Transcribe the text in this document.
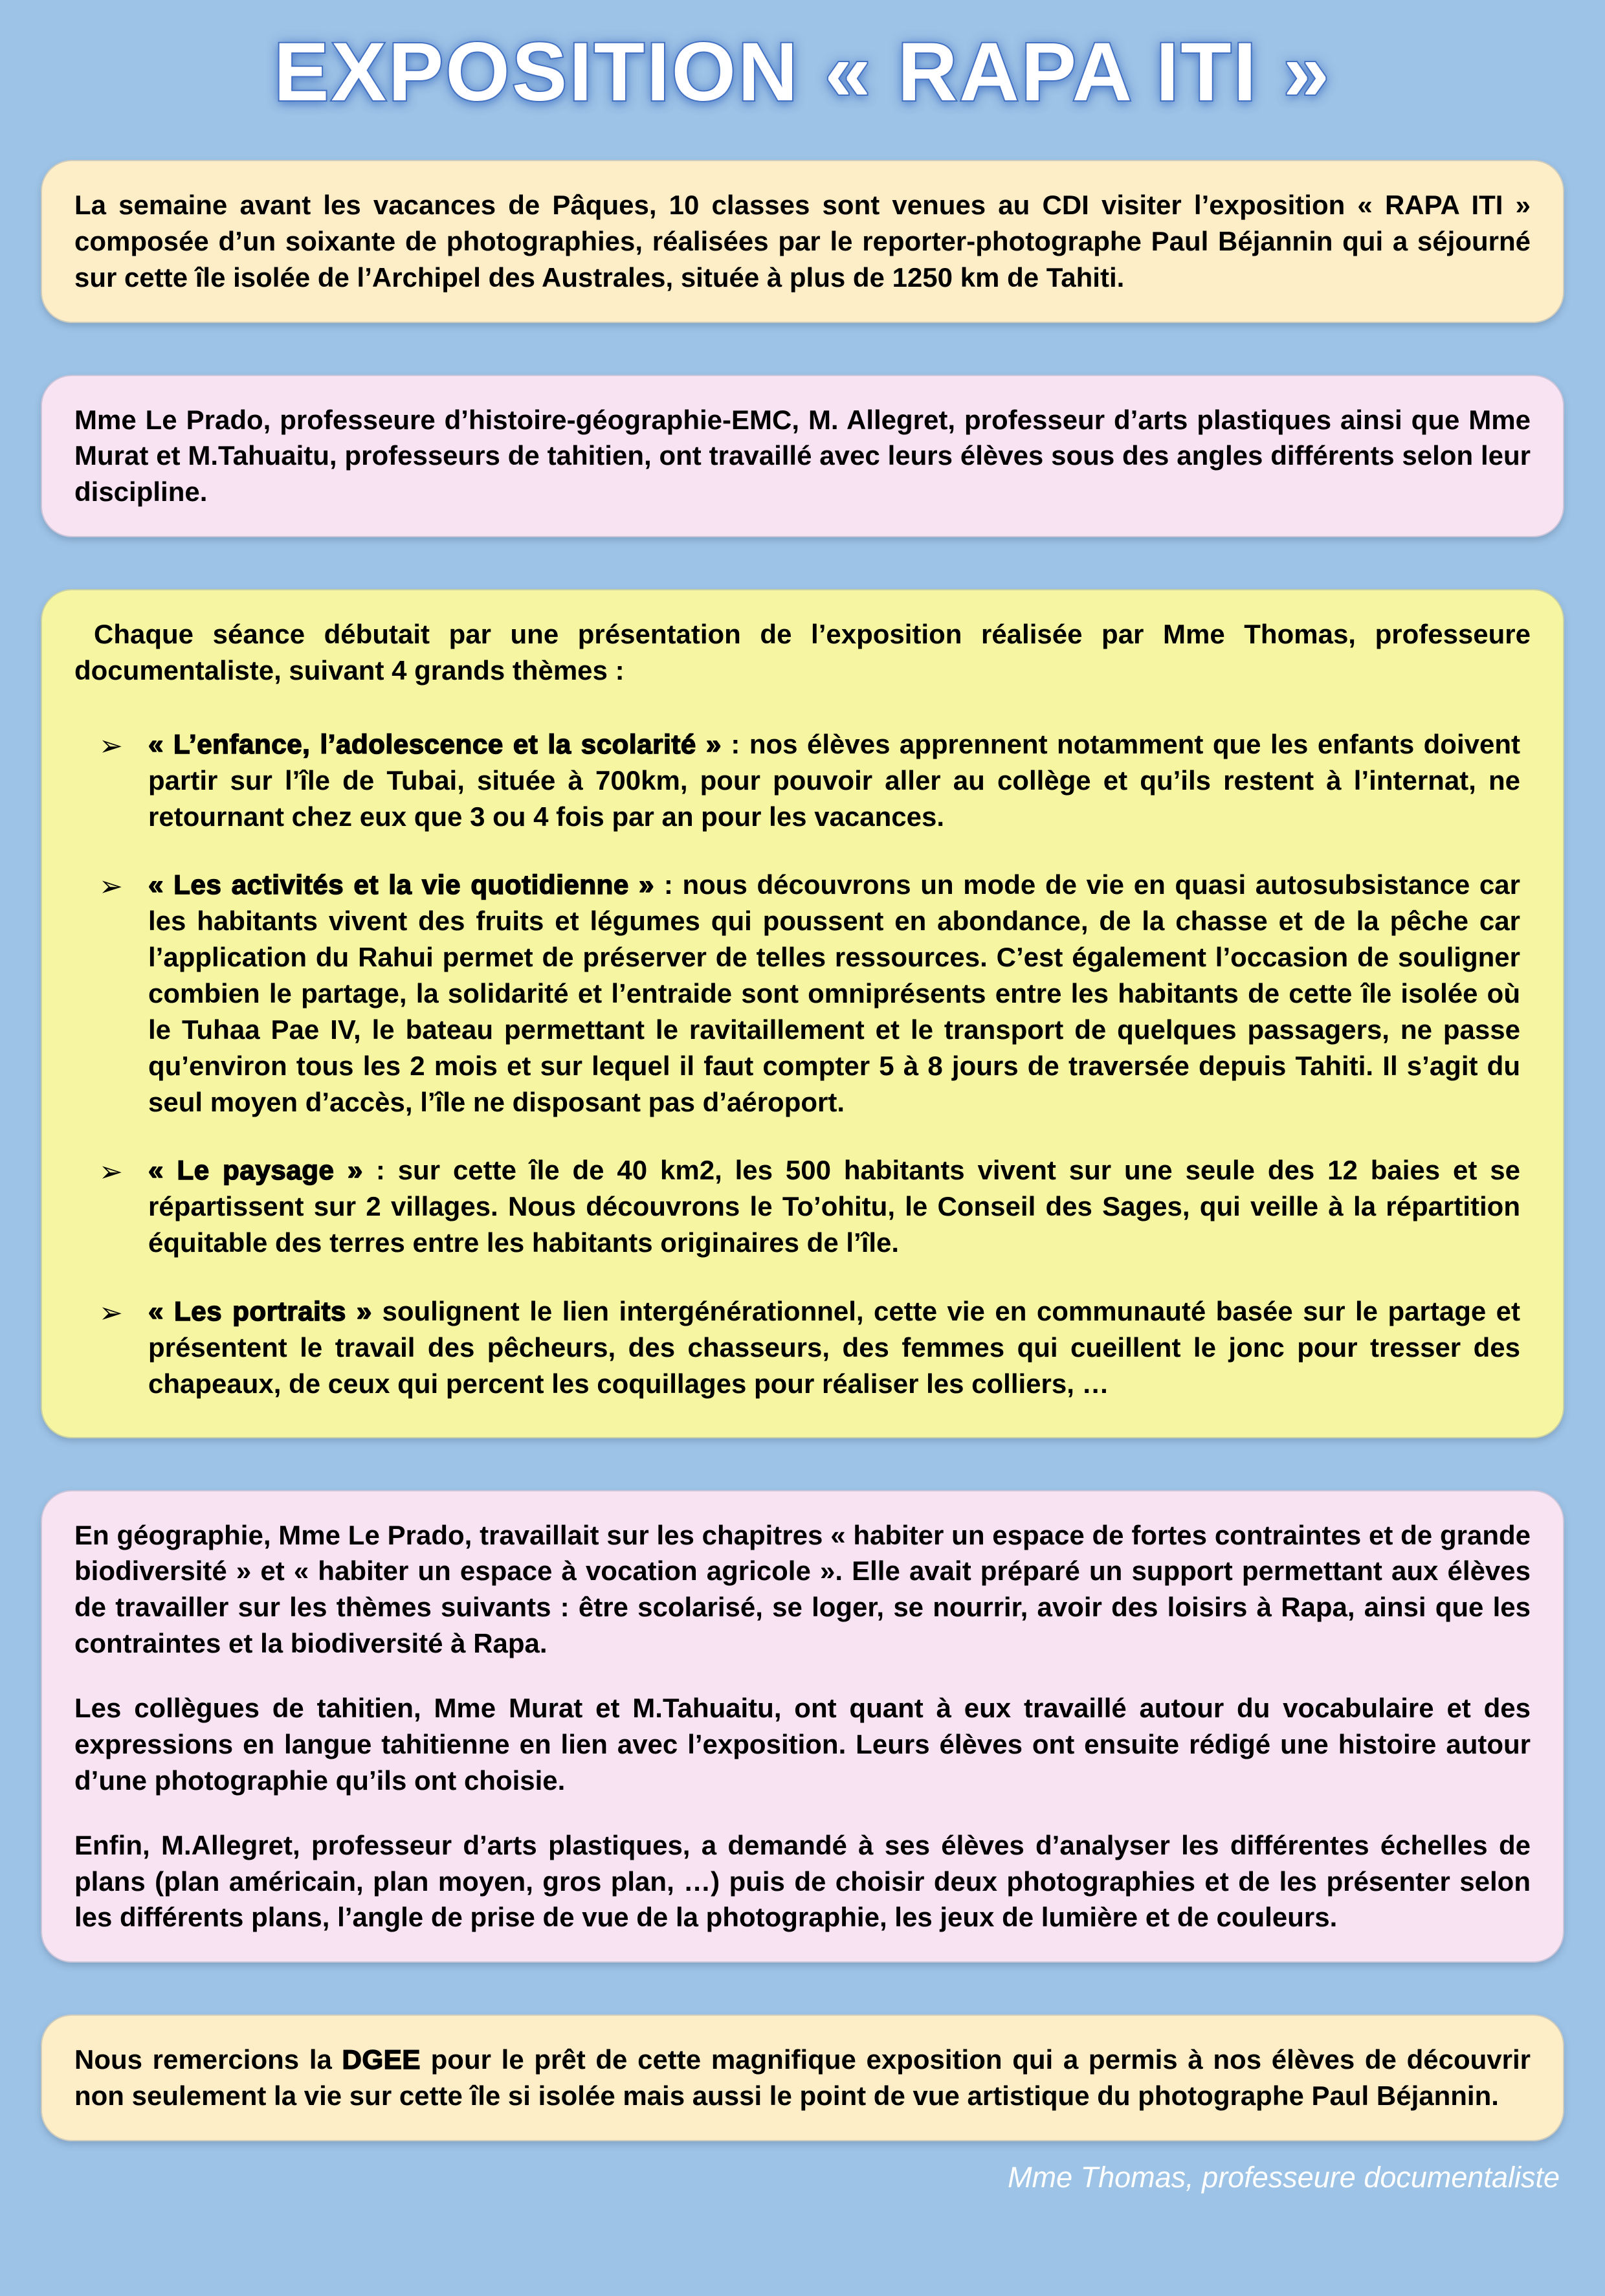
EXPOSITION « RAPA ITI »
La semaine avant les vacances de Pâques, 10 classes sont venues au CDI visiter l’exposition « RAPA ITI » composée d’un soixante de photographies, réalisées par le reporter-photographe Paul Béjannin qui a séjourné sur cette île isolée de l’Archipel des Australes, située à plus de 1250 km de Tahiti.
Mme Le Prado, professeure d’histoire-géographie-EMC, M. Allegret, professeur d’arts plastiques ainsi que Mme Murat et M.Tahuaitu, professeurs de tahitien, ont travaillé avec leurs élèves sous des angles différents selon leur discipline.
Chaque séance débutait par une présentation de l’exposition réalisée par Mme Thomas, professeure documentaliste, suivant 4 grands thèmes :
➢ « L’enfance, l’adolescence et la scolarité » : nos élèves apprennent notamment que les enfants doivent partir sur l’île de Tubai, située à 700km, pour pouvoir aller au collège et qu’ils restent à l’internat, ne retournant chez eux que 3 ou 4 fois par an pour les vacances.
➢ « Les activités et la vie quotidienne » : nous découvrons un mode de vie en quasi autosubsistance car les habitants vivent des fruits et légumes qui poussent en abondance, de la chasse et de la pêche car l’application du Rahui permet de préserver de telles ressources. C’est également l’occasion de souligner combien le partage, la solidarité et l’entraide sont omniprésents entre les habitants de cette île isolée où le Tuhaa Pae IV, le bateau permettant le ravitaillement et le transport de quelques passagers, ne passe qu’environ tous les 2 mois et sur lequel il faut compter 5 à 8 jours de traversée depuis Tahiti. Il s’agit du seul moyen d’accès, l’île ne disposant pas d’aéroport.
➢ « Le paysage » : sur cette île de 40 km2, les 500 habitants vivent sur une seule des 12 baies et se répartissent sur 2 villages. Nous découvrons le To’ohitu, le Conseil des Sages, qui veille à la répartition équitable des terres entre les habitants originaires de l’île.
➢ « Les portraits » soulignent le lien intergénérationnel, cette vie en communauté basée sur le partage et présentent le travail des pêcheurs, des chasseurs, des femmes qui cueillent le jonc pour tresser des chapeaux, de ceux qui percent les coquillages pour réaliser les colliers, …
En géographie, Mme Le Prado, travaillait sur les chapitres « habiter un espace de fortes contraintes et de grande biodiversité » et « habiter un espace à vocation agricole ». Elle avait préparé un support permettant aux élèves de travailler sur les thèmes suivants : être scolarisé, se loger, se nourrir, avoir des loisirs à Rapa, ainsi que les contraintes et la biodiversité à Rapa.
Les collègues de tahitien, Mme Murat et M.Tahuaitu, ont quant à eux travaillé autour du vocabulaire et des expressions en langue tahitienne en lien avec l’exposition. Leurs élèves ont ensuite rédigé une histoire autour d’une photographie qu’ils ont choisie.
Enfin, M.Allegret, professeur d’arts plastiques, a demandé à ses élèves d’analyser les différentes échelles de plans (plan américain, plan moyen, gros plan, …) puis de choisir deux photographies et de les présenter selon les différents plans, l’angle de prise de vue de la photographie, les jeux de lumière et de couleurs.
Nous remercions la DGEE pour le prêt de cette magnifique exposition qui a permis à nos élèves de découvrir non seulement la vie sur cette île si isolée mais aussi le point de vue artistique du photographe Paul Béjannin.
Mme Thomas, professeure documentaliste
